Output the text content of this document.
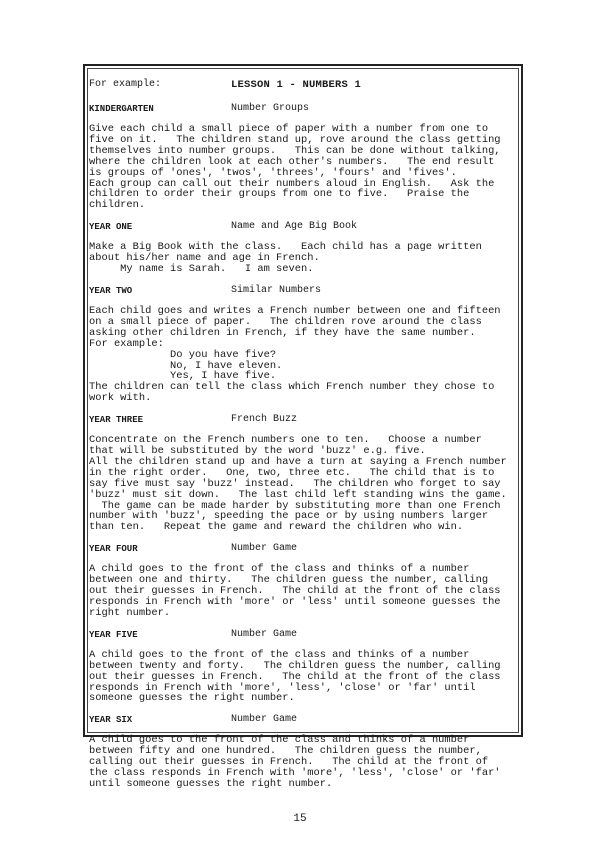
For example:	LESSON 1 - NUMBERS 1
KINDERGARTEN	Number Groups
Give each child a small piece of paper with a number from one to
five on it.   The children stand up, rove around the class getting
themselves into number groups.   This can be done without talking,
where the children look at each other's numbers.   The end result
is groups of 'ones', 'twos', 'threes', 'fours' and 'fives'.
Each group can call out their numbers aloud in English.   Ask the
children to order their groups from one to five.   Praise the
children.
YEAR ONE	Name and Age Big Book
Make a Big Book with the class.   Each child has a page written
about his/her name and age in French.
My name is Sarah.   I am seven.
YEAR TWO	Similar Numbers
Each child goes and writes a French number between one and fifteen
on a small piece of paper.   The children rove around the class
asking other children in French, if they have the same number.
For example:
Do you have five?
No, I have eleven.
Yes, I have five.
The children can tell the class which French number they chose to
work with.
YEAR THREE	French Buzz
Concentrate on the French numbers one to ten.   Choose a number
that will be substituted by the word 'buzz' e.g. five.
All the children stand up and have a turn at saying a French number
in the right order.   One, two, three etc.   The child that is to
say five must say 'buzz' instead.   The children who forget to say
'buzz' must sit down.   The last child left standing wins the game.
The game can be made harder by substituting more than one French
number with 'buzz', speeding the pace or by using numbers larger
than ten.   Repeat the game and reward the children who win.
YEAR FOUR	Number Game
A child goes to the front of the class and thinks of a number
between one and thirty.   The children guess the number, calling
out their guesses in French.   The child at the front of the class
responds in French with 'more' or 'less' until someone guesses the
right number.
YEAR FIVE	Number Game
A child goes to the front of the class and thinks of a number
between twenty and forty.   The children guess the number, calling
out their guesses in French.   The child at the front of the class
responds in French with 'more', 'less', 'close' or 'far' until
someone guesses the right number.
YEAR SIX	Number Game
A child goes to the front of the class and thinks of a number
between fifty and one hundred.   The children guess the number,
calling out their guesses in French.   The child at the front of
the class responds in French with 'more', 'less', 'close' or 'far'
until someone guesses the right number.
15
